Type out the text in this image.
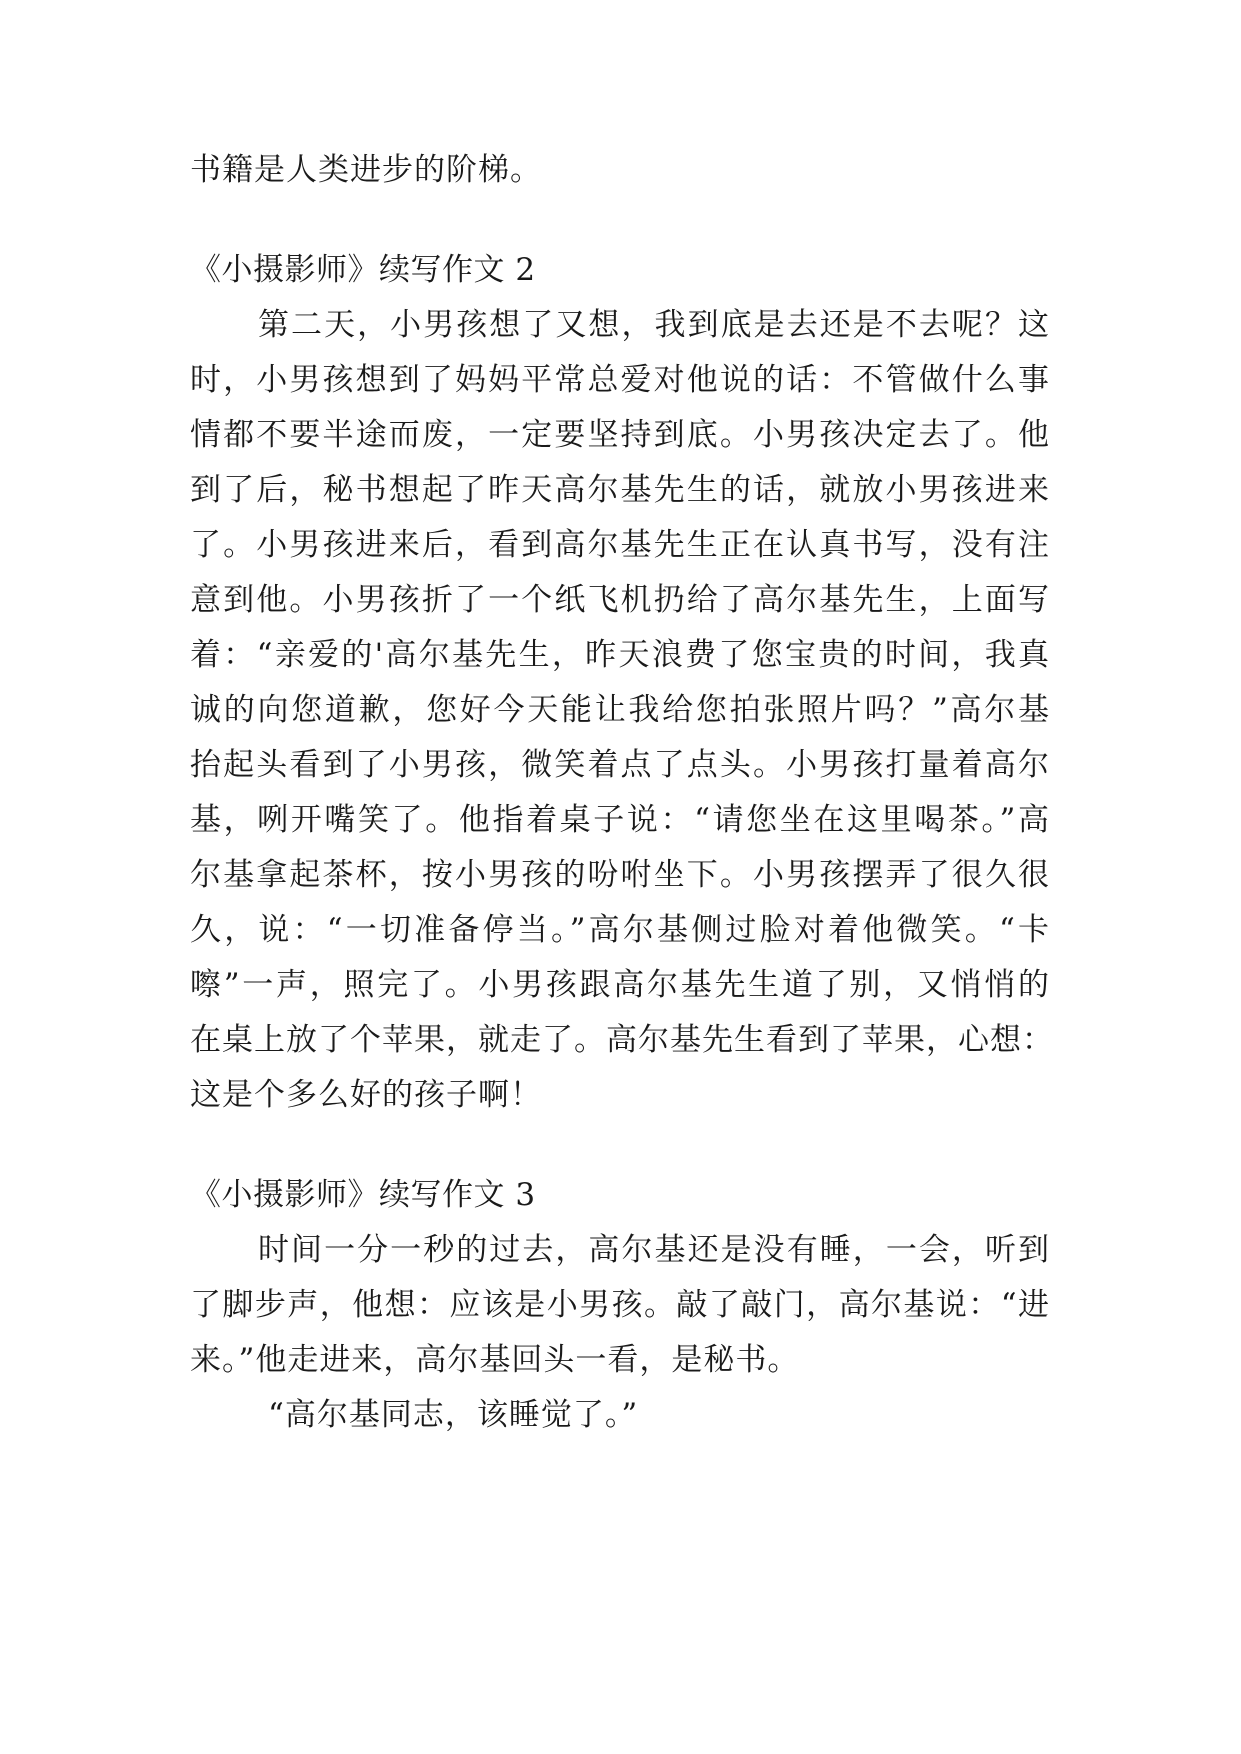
书籍是人类进步的阶梯。
《小摄影师》续写作文 2
第二天，小男孩想了又想，我到底是去还是不去呢？这
时，小男孩想到了妈妈平常总爱对他说的话：不管做什么事
情都不要半途而废，一定要坚持到底。小男孩决定去了。他
到了后，秘书想起了昨天高尔基先生的话，就放小男孩进来
了。小男孩进来后，看到高尔基先生正在认真书写，没有注
意到他。小男孩折了一个纸飞机扔给了高尔基先生，上面写
着：“亲爱的'高尔基先生，昨天浪费了您宝贵的时间，我真
诚的向您道歉，您好今天能让我给您拍张照片吗？”高尔基
抬起头看到了小男孩，微笑着点了点头。小男孩打量着高尔
基，咧开嘴笑了。他指着桌子说：“请您坐在这里喝茶。”高
尔基拿起茶杯，按小男孩的吩咐坐下。小男孩摆弄了很久很
久，说：“一切准备停当。”高尔基侧过脸对着他微笑。“卡
嚓”一声，照完了。小男孩跟高尔基先生道了别，又悄悄的
在桌上放了个苹果，就走了。高尔基先生看到了苹果，心想：
这是个多么好的孩子啊！
《小摄影师》续写作文 3
时间一分一秒的过去，高尔基还是没有睡，一会，听到
了脚步声，他想：应该是小男孩。敲了敲门，高尔基说：“进
来。”他走进来，高尔基回头一看，是秘书。
“高尔基同志，该睡觉了。”
